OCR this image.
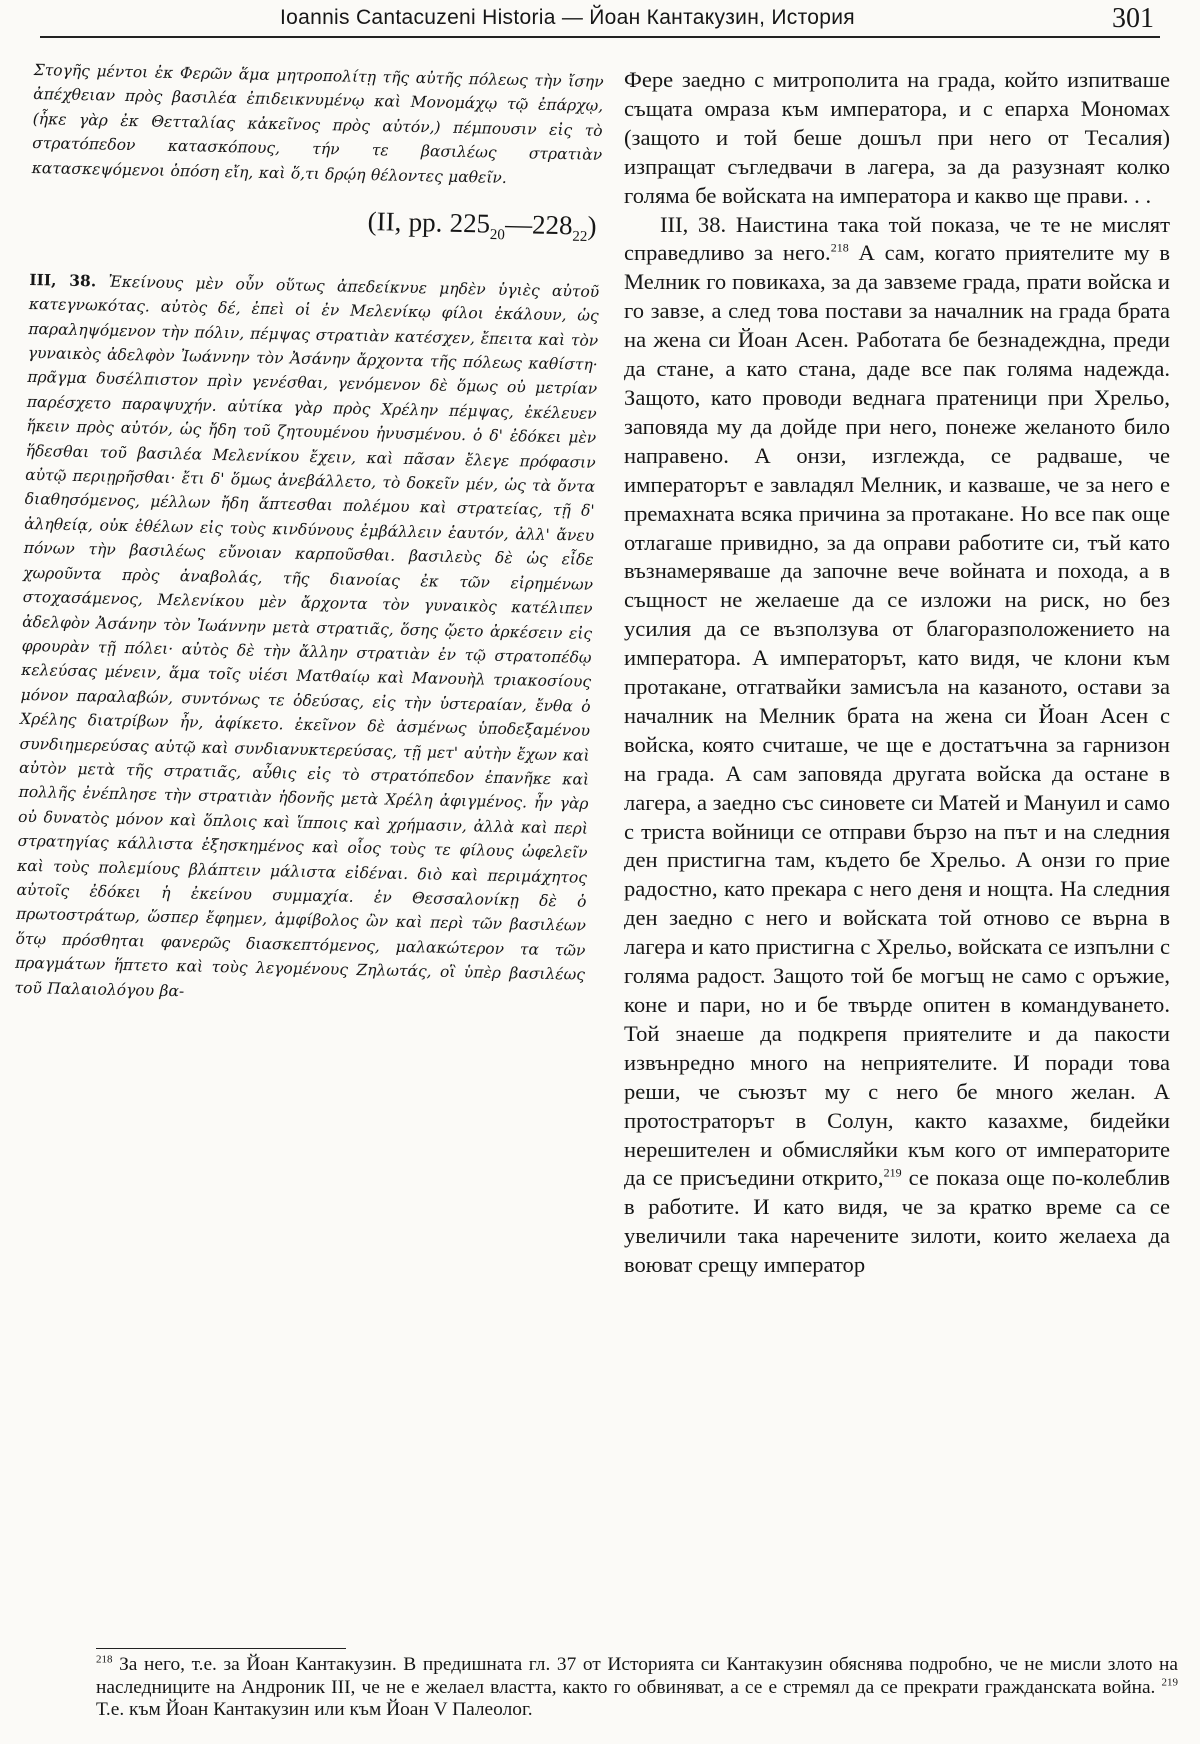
Ioannis Cantacuzeni Historia — Йоан Кантакузин, История	301

Στογῆς μέντοι ἐκ Φερῶν ἅμα μητροπολίτῃ τῆς αὐτῆς πόλεως τὴν ἴσην ἀπέχθειαν πρὸς βασιλέα ἐπιδεικνυμένῳ καὶ Μονομάχῳ τῷ ἐπάρχῳ, (ἧκε γὰρ ἐκ Θετταλίας κἀκεῖνος πρὸς αὐτόν,) πέμπουσιν εἰς τὸ στρατόπεδον κατασκόπους, τήν τε βασιλέως στρατιὰν κατασκεψόμενοι ὁπόση εἴη, καὶ ὅ,τι δρῴη θέλοντες μαθεῖν.

(II, pp. $225_{20}—228_{22}$)

III, 38. Ἐκείνους μὲν οὖν οὕτως ἀπεδείκνυε μηδὲν ὑγιὲς αὐτοῦ κατεγνωκότας. αὐτὸς δέ, ἐπεὶ οἱ ἐν Μελενίκῳ φίλοι ἐκάλουν, ὡς παραληψόμενον τὴν πόλιν, πέμψας στρατιὰν κατέσχεν, ἔπειτα καὶ τὸν γυναικὸς ἀδελφὸν Ἰωάννην τὸν Ἀσάνην ἄρχοντα τῆς πόλεως καθίστη· πρᾶγμα δυσέλπιστον πρὶν γενέσθαι, γενόμενον δὲ ὅμως οὐ μετρίαν παρέσχετο παραψυχήν. αὐτίκα γὰρ πρὸς Χρέλην πέμψας, ἐκέλευεν ἥκειν πρὸς αὐτόν, ὡς ἤδη τοῦ ζητουμένου ἠνυσμένου. ὁ δ' ἐδόκει μὲν ἥδεσθαι τοῦ βασιλέα Μελενίκου ἔχειν, καὶ πᾶσαν ἔλεγε πρόφασιν αὐτῷ περιῃρῆσθαι· ἔτι δ' ὅμως ἀνεβάλλετο, τὸ δοκεῖν μέν, ὡς τὰ ὄντα διαθησόμενος, μέλλων ἤδη ἅπτεσθαι πολέμου καὶ στρατείας, τῇ δ' ἀληθείᾳ, οὐκ ἐθέλων εἰς τοὺς κινδύνους ἐμβάλλειν ἑαυτόν, ἀλλ' ἄνευ πόνων τὴν βασιλέως εὔνοιαν καρποῦσθαι. βασιλεὺς δὲ ὡς εἶδε χωροῦντα πρὸς ἀναβολάς, τῆς διανοίας ἐκ τῶν εἰρημένων στοχασάμενος, Μελενίκου μὲν ἄρχοντα τὸν γυναικὸς κατέλιπεν ἀδελφὸν Ἀσάνην τὸν Ἰωάννην μετὰ στρατιᾶς, ὅσης ᾤετο ἀρκέσειν εἰς φρουρὰν τῇ πόλει· αὐτὸς δὲ τὴν ἄλλην στρατιὰν ἐν τῷ στρατοπέδῳ κελεύσας μένειν, ἅμα τοῖς υἱέσι Ματθαίῳ καὶ Μανουὴλ τριακοσίους μόνον παραλαβών, συντόνως τε ὁδεύσας, εἰς τὴν ὑστεραίαν, ἔνθα ὁ Χρέλης διατρίβων ἦν, ἀφίκετο. ἐκεῖνον δὲ ἀσμένως ὑποδεξαμένου συνδιημερεύσας αὐτῷ καὶ συνδιανυκτερεύσας, τῇ μετ' αὐτὴν ἔχων καὶ αὐτὸν μετὰ τῆς στρατιᾶς, αὖθις εἰς τὸ στρατόπεδον ἐπανῆκε καὶ πολλῆς ἐνέπλησε τὴν στρατιὰν ἡδονῆς μετὰ Χρέλη ἀφιγμένος. ἦν γὰρ οὐ δυνατὸς μόνον καὶ ὅπλοις καὶ ἵπποις καὶ χρήμασιν, ἀλλὰ καὶ περὶ στρατηγίας κάλλιστα ἐξησκημένος καὶ οἷος τοὺς τε φίλους ὠφελεῖν καὶ τοὺς πολεμίους βλάπτειν μάλιστα εἰδέναι. διὸ καὶ περιμάχητος αὐτοῖς ἐδόκει ἡ ἐκείνου συμμαχία. ἐν Θεσσαλονίκῃ δὲ ὁ πρωτοστράτωρ, ὥσπερ ἔφημεν, ἀμφίβολος ὢν καὶ περὶ τῶν βασιλέων ὅτῳ πρόσθηται φανερῶς διασκεπτόμενος, μαλακώτερον τα τῶν πραγμάτων ἥπτετο καὶ τοὺς λεγομένους Ζηλωτάς, οἳ ὑπὲρ βασιλέως τοῦ Παλαιολόγου βα-

Фере заедно с митрополита на града, който изпитваше същата омраза към императора, и с епарха Мономах (защото и той беше дошъл при него от Тесалия) изпращат съгледвачи в лагера, за да разузнаят колко голяма бе войската на императора и какво ще прави. . .

III, 38. Наистина така той показа, че те не мислят справедливо за него.$^{218}$ А сам, когато приятелите му в Мелник го повикаха, за да завземе града, прати войска и го завзе, а след това постави за началник на града брата на жена си Йоан Асен. Работата бе безнадеждна, преди да стане, а като стана, даде все пак голяма надежда. Защото, като проводи веднага пратеници при Хрельо, заповяда му да дойде при него, понеже желаното било направено. А онзи, изглежда, се радваше, че императорът е завладял Мелник, и казваше, че за него е премахната всяка причина за протакане. Но все пак още отлагаше привидно, за да оправи работите си, тъй като възнамеряваше да започне вече войната и похода, а в същност не желаеше да се изложи на риск, но без усилия да се възползува от благоразположението на императора. А императорът, като видя, че клони към протакане, отгатвайки замисъла на казаното, остави за началник на Мелник брата на жена си Йоан Асен с войска, която считаше, че ще е достатъчна за гарнизон на града. А сам заповяда другата войска да остане в лагера, а заедно със синовете си Матей и Мануил и само с триста войници се отправи бързо на път и на следния ден пристигна там, където бе Хрельо. А онзи го прие радостно, като прекара с него деня и нощта. На следния ден заедно с него и войската той отново се върна в лагера и като пристигна с Хрельо, войската се изпълни с голяма радост. Защото той бе могъщ не само с оръжие, коне и пари, но и бе твърде опитен в командуването. Той знаеше да подкрепя приятелите и да пакости извънредно много на неприятелите. И поради това реши, че съюзът му с него бе много желан. А протостраторът в Солун, както казахме, бидейки нерешителен и обмисляйки към кого от императорите да се присъедини открито,$^{219}$ се показа още по-колеблив в работите. И като видя, че за кратко време са се увеличили така наречените зилоти, които желаеха да воюват срещу император

$^{218}$ За него, т.е. за Йоан Кантакузин. В предишната гл. 37 от Историята си Кантакузин обяснява подробно, че не мисли злото на наследниците на Андроник III, че не е желаел властта, както го обвиняват, а се е стремял да се прекрати гражданската война. $^{219}$ Т.е. към Йоан Кантакузин или към Йоан V Палеолог.
